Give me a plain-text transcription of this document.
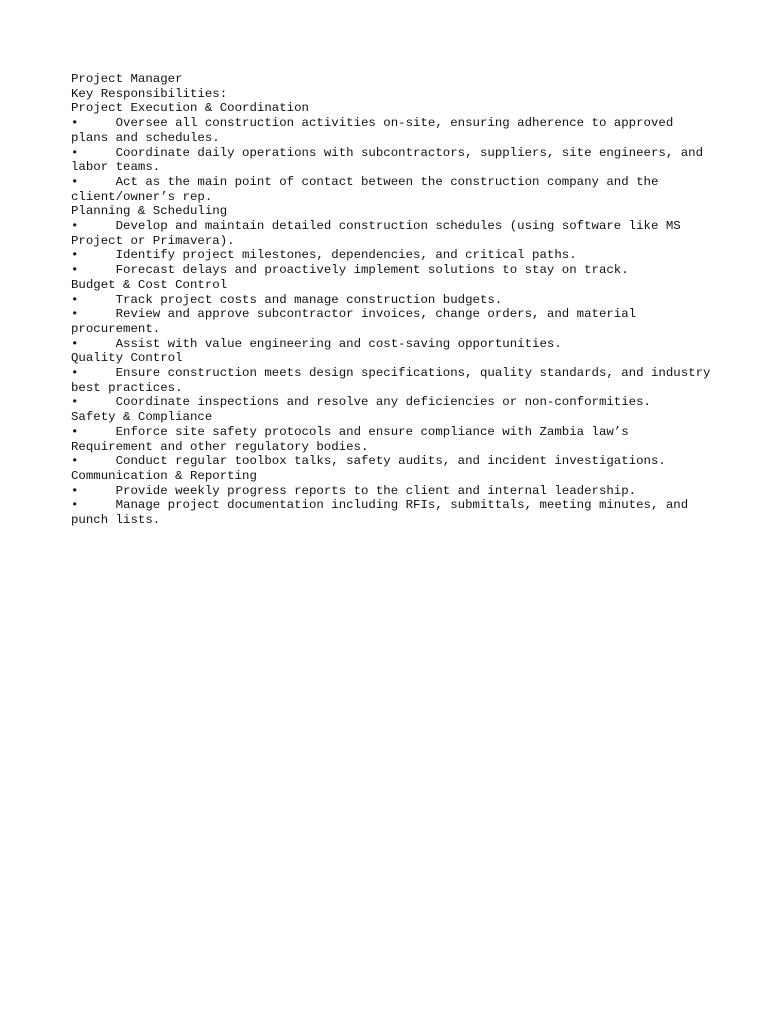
Project Manager
Key Responsibilities:
Project Execution & Coordination
•     Oversee all construction activities on-site, ensuring adherence to approved plans and schedules.
•     Coordinate daily operations with subcontractors, suppliers, site engineers, and labor teams.
•     Act as the main point of contact between the construction company and the client/owner’s rep.
Planning & Scheduling
•     Develop and maintain detailed construction schedules (using software like MS Project or Primavera).
•     Identify project milestones, dependencies, and critical paths.
•     Forecast delays and proactively implement solutions to stay on track.
Budget & Cost Control
•     Track project costs and manage construction budgets.
•     Review and approve subcontractor invoices, change orders, and material procurement.
•     Assist with value engineering and cost-saving opportunities.
Quality Control
•     Ensure construction meets design specifications, quality standards, and industry best practices.
•     Coordinate inspections and resolve any deficiencies or non-conformities.
Safety & Compliance
•     Enforce site safety protocols and ensure compliance with Zambia law’s Requirement and other regulatory bodies.
•     Conduct regular toolbox talks, safety audits, and incident investigations.
Communication & Reporting
•     Provide weekly progress reports to the client and internal leadership.
•     Manage project documentation including RFIs, submittals, meeting minutes, and punch lists.
